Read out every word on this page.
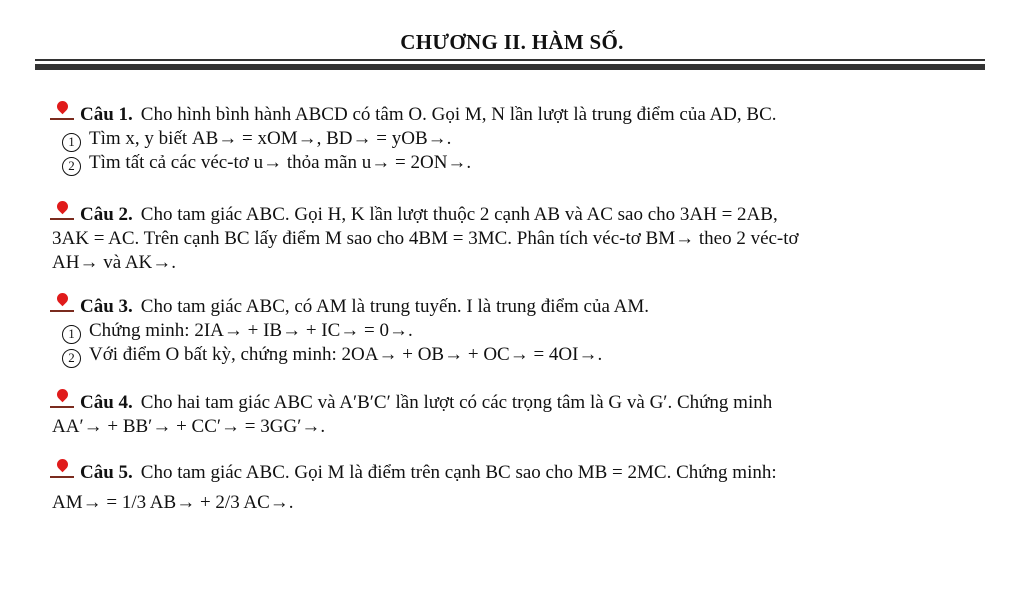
CHƯƠNG II. HÀM SỐ.
Câu 1. Cho hình bình hành ABCD có tâm O. Gọi M, N lần lượt là trung điểm của AD, BC.
1 Tìm x, y biết
AB→ = xOM→, BD→ = yOB→.
2 Tìm tất cả các véc-tơ u→ thỏa mãn
u→ = 2ON→.
Câu 2. Cho tam giác ABC. Gọi H, K lần lượt thuộc 2 cạnh AB và AC sao cho 3AH = 2AB,
3AK = AC. Trên cạnh BC lấy điểm M sao cho 4BM = 3MC. Phân tích véc-tơ BM→ theo 2 véc-tơ
AH→ và AK→.
Câu 3. Cho tam giác ABC, có AM là trung tuyến. I là trung điểm của AM.
1 Chứng minh:
2IA→ + IB→ + IC→ = 0→.
2 Với điểm O bất kỳ, chứng minh:
2OA→ + OB→ + OC→ = 4OI→.
Câu 4. Cho hai tam giác ABC và A′B′C′ lần lượt có các trọng tâm là G và G′. Chứng minh
AA′→ + BB′→ + CC′→ = 3GG′→.
Câu 5. Cho tam giác ABC. Gọi M là điểm trên cạnh BC sao cho MB = 2MC. Chứng minh:
AM→ = 1/3 AB→ + 2/3 AC→.
